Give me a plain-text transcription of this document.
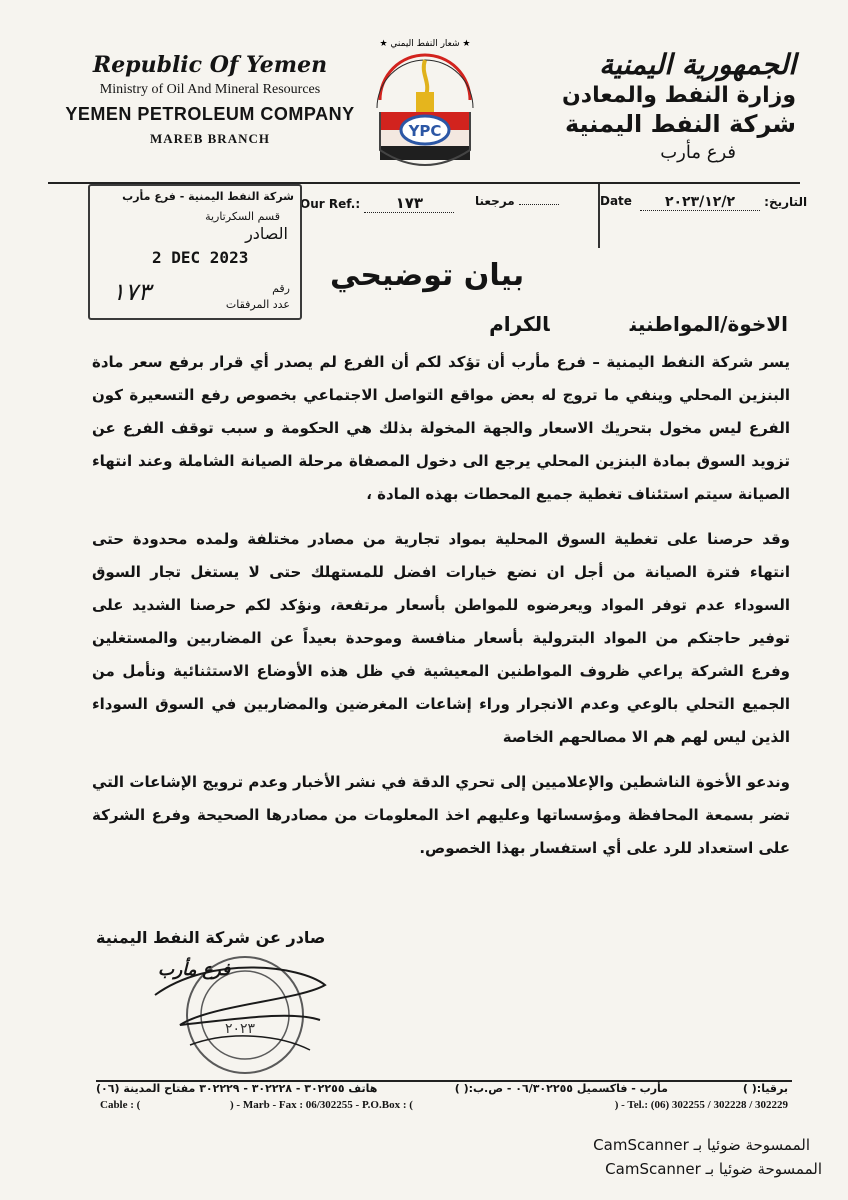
Republic Of Yemen
Ministry of Oil And Mineral Resources
YEMEN PETROLEUM COMPANY
MAREB BRANCH
★ شعار النفط اليمني ★
YPC
الجمهورية اليمنية
وزارة النفط والمعادن
شركة النفط اليمنية
فرع مأرب
Our Ref.: ١٧٣	مرجعنا	Date	التاريخ: ٢٠٢٣/١٢/٢
شركة النفط اليمنية - فرع مأرب
قسم السكرتارية
الصادر
2 DEC 2023
١٧٣	رقم
عدد المرفقات
بيان توضيحي
الاخوة/المواطنينالكرام

يسر شركة النفط اليمنية – فرع مأرب أن تؤكد لكم أن الفرع لم يصدر أي قرار برفع سعر مادة البنزين المحلي وينفي ما تروج له بعض مواقع التواصل الاجتماعي بخصوص رفع التسعيرة كون الفرع ليس مخول بتحريك الاسعار والجهة المخولة بذلك هي الحكومة و سبب توقف الفرع عن تزويد السوق بمادة البنزين المحلي يرجع الى دخول المصفاة مرحلة الصيانة الشاملة وعند انتهاء الصيانة سيتم استئناف تغطية جميع المحطات بهذه المادة ،

وقد حرصنا على تغطية السوق المحلية بمواد تجارية من مصادر مختلفة ولمده محدودة حتى انتهاء فترة الصيانة من أجل ان نضع خيارات افضل للمستهلك حتى لا يستغل تجار السوق السوداء عدم توفر المواد ويعرضوه للمواطن بأسعار مرتفعة، ونؤكد لكم حرصنا الشديد على توفير حاجتكم من المواد البترولية بأسعار منافسة وموحدة بعيداً عن المضاربين والمستغلين وفرع الشركة يراعي ظروف المواطنين المعيشية في ظل هذه الأوضاع الاستثنائية ونأمل من الجميع التحلي بالوعي وعدم الانجرار وراء إشاعات المغرضين والمضاربين في السوق السوداء الذين ليس لهم هم الا مصالحهم الخاصة

وندعو الأخوة الناشطين والإعلاميين إلى تحري الدقة في نشر الأخبار وعدم ترويج الإشاعات التي تضر بسمعة المحافظة ومؤسساتها وعليهم اخذ المعلومات من مصادرها الصحيحة وفرع الشركة على استعداد للرد على أي استفسار بهذا الخصوص.

٢٠٢٣
صادر عن شركة النفط اليمنية
فرع مأرب
برقيا:( )
مأرب - فاكسميل ٠٦/٣٠٢٢٥٥ - ص.ب:( )
هاتف ٣٠٢٢٥٥ - ٣٠٢٢٢٨ - ٣٠٢٢٢٩ مفتاح المدينة (٠٦)
Cable : (	) - Marb - Fax : 06/302255 - P.O.Box : (	) - Tel.: (06) 302255 / 302228 / 302229
الممسوحة ضوئيا بـ CamScanner
الممسوحة ضوئيا بـ CamScanner
